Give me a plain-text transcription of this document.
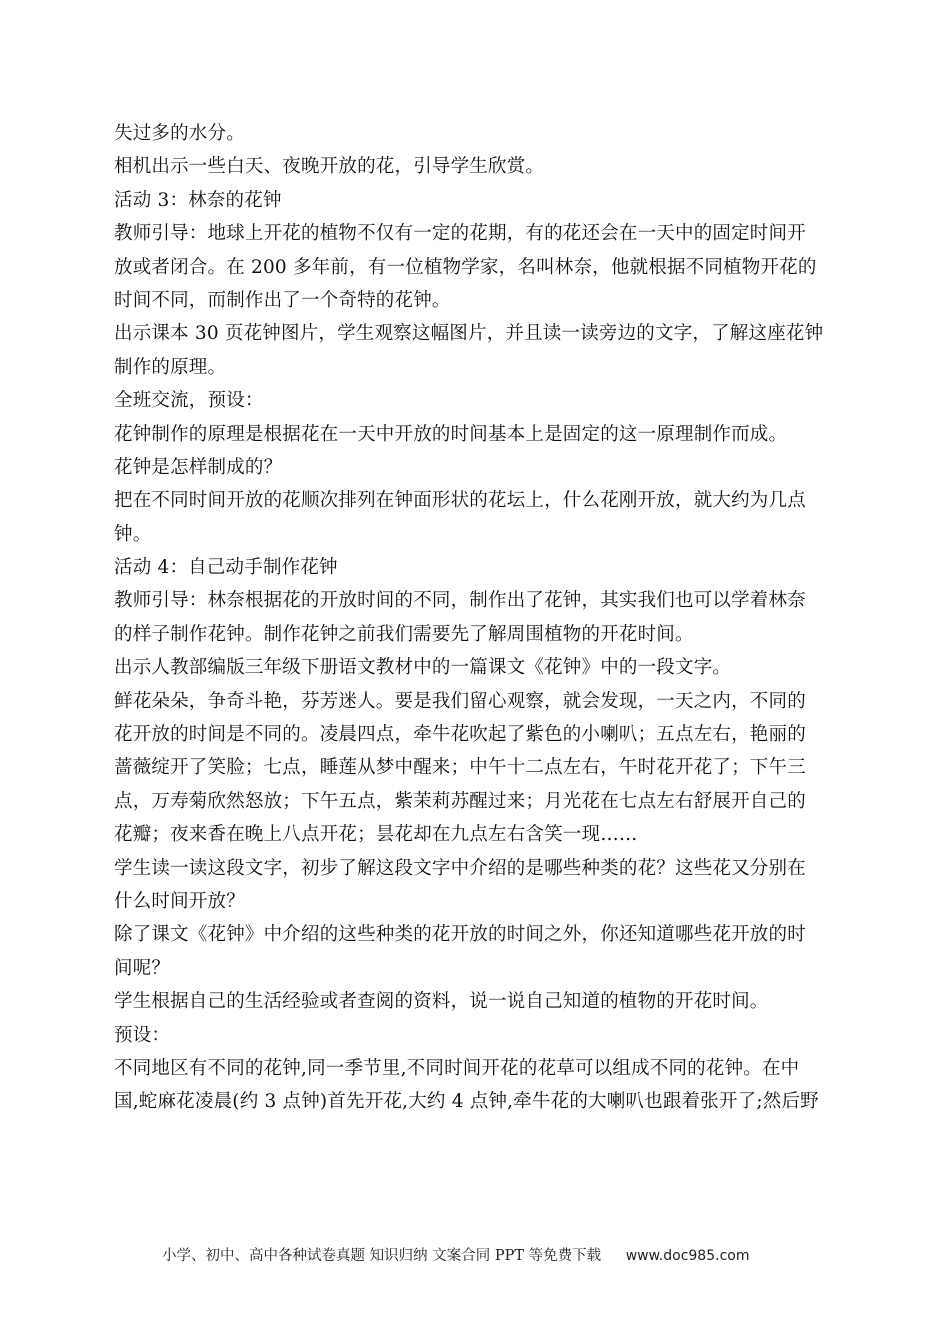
失过多的水分。
相机出示一些白天、夜晚开放的花，引导学生欣赏。
活动 3：林奈的花钟
教师引导：地球上开花的植物不仅有一定的花期，有的花还会在一天中的固定时间开
放或者闭合。在 200 多年前，有一位植物学家，名叫林奈，他就根据不同植物开花的
时间不同，而制作出了一个奇特的花钟。
出示课本 30 页花钟图片，学生观察这幅图片，并且读一读旁边的文字，了解这座花钟
制作的原理。
全班交流，预设：
花钟制作的原理是根据花在一天中开放的时间基本上是固定的这一原理制作而成。
花钟是怎样制成的？
把在不同时间开放的花顺次排列在钟面形状的花坛上，什么花刚开放，就大约为几点
钟。
活动 4：自己动手制作花钟
教师引导：林奈根据花的开放时间的不同，制作出了花钟，其实我们也可以学着林奈
的样子制作花钟。制作花钟之前我们需要先了解周围植物的开花时间。
出示人教部编版三年级下册语文教材中的一篇课文《花钟》中的一段文字。
鲜花朵朵，争奇斗艳，芬芳迷人。要是我们留心观察，就会发现，一天之内，不同的
花开放的时间是不同的。凌晨四点，牵牛花吹起了紫色的小喇叭；五点左右，艳丽的
蔷薇绽开了笑脸；七点，睡莲从梦中醒来；中午十二点左右，午时花开花了；下午三
点，万寿菊欣然怒放；下午五点，紫茉莉苏醒过来；月光花在七点左右舒展开自己的
花瓣；夜来香在晚上八点开花；昙花却在九点左右含笑一现……
学生读一读这段文字，初步了解这段文字中介绍的是哪些种类的花？这些花又分别在
什么时间开放？
除了课文《花钟》中介绍的这些种类的花开放的时间之外，你还知道哪些花开放的时
间呢？
学生根据自己的生活经验或者查阅的资料，说一说自己知道的植物的开花时间。
预设：
不同地区有不同的花钟,同一季节里,不同时间开花的花草可以组成不同的花钟。在中
国,蛇麻花凌晨(约 3 点钟)首先开花,大约 4 点钟,牵牛花的大喇叭也跟着张开了;然后野
小学、初中、高中各种试卷真题 知识归纳 文案合同 PPT 等免费下载 www.doc985.com
